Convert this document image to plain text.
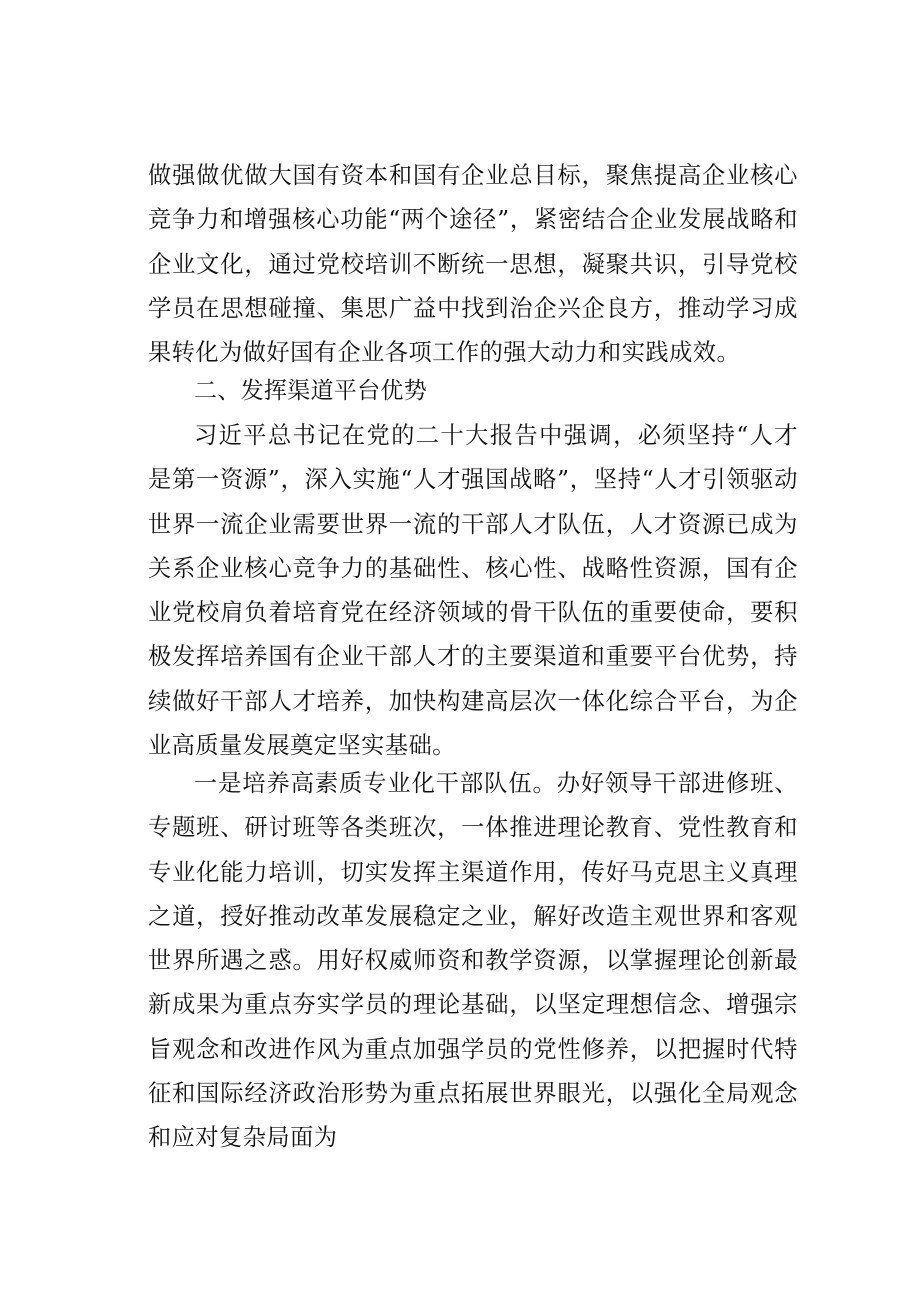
做强做优做大国有资本和国有企业总目标，聚焦提高企业核心竞争力和增强核心功能“两个途径”，紧密结合企业发展战略和企业文化，通过党校培训不断统一思想，凝聚共识，引导党校学员在思想碰撞、集思广益中找到治企兴企良方，推动学习成果转化为做好国有企业各项工作的强大动力和实践成效。

二、发挥渠道平台优势

习近平总书记在党的二十大报告中强调，必须坚持“人才是第一资源”，深入实施“人才强国战略”，坚持“人才引领驱动世界一流企业需要世界一流的干部人才队伍，人才资源已成为关系企业核心竞争力的基础性、核心性、战略性资源，国有企业党校肩负着培育党在经济领域的骨干队伍的重要使命，要积极发挥培养国有企业干部人才的主要渠道和重要平台优势，持续做好干部人才培养，加快构建高层次一体化综合平台，为企业高质量发展奠定坚实基础。

一是培养高素质专业化干部队伍。办好领导干部进修班、专题班、研讨班等各类班次，一体推进理论教育、党性教育和专业化能力培训，切实发挥主渠道作用，传好马克思主义真理之道，授好推动改革发展稳定之业，解好改造主观世界和客观世界所遇之惑。用好权威师资和教学资源，以掌握理论创新最新成果为重点夯实学员的理论基础，以坚定理想信念、增强宗旨观念和改进作风为重点加强学员的党性修养，以把握时代特征和国际经济政治形势为重点拓展世界眼光，以强化全局观念和应对复杂局面为
